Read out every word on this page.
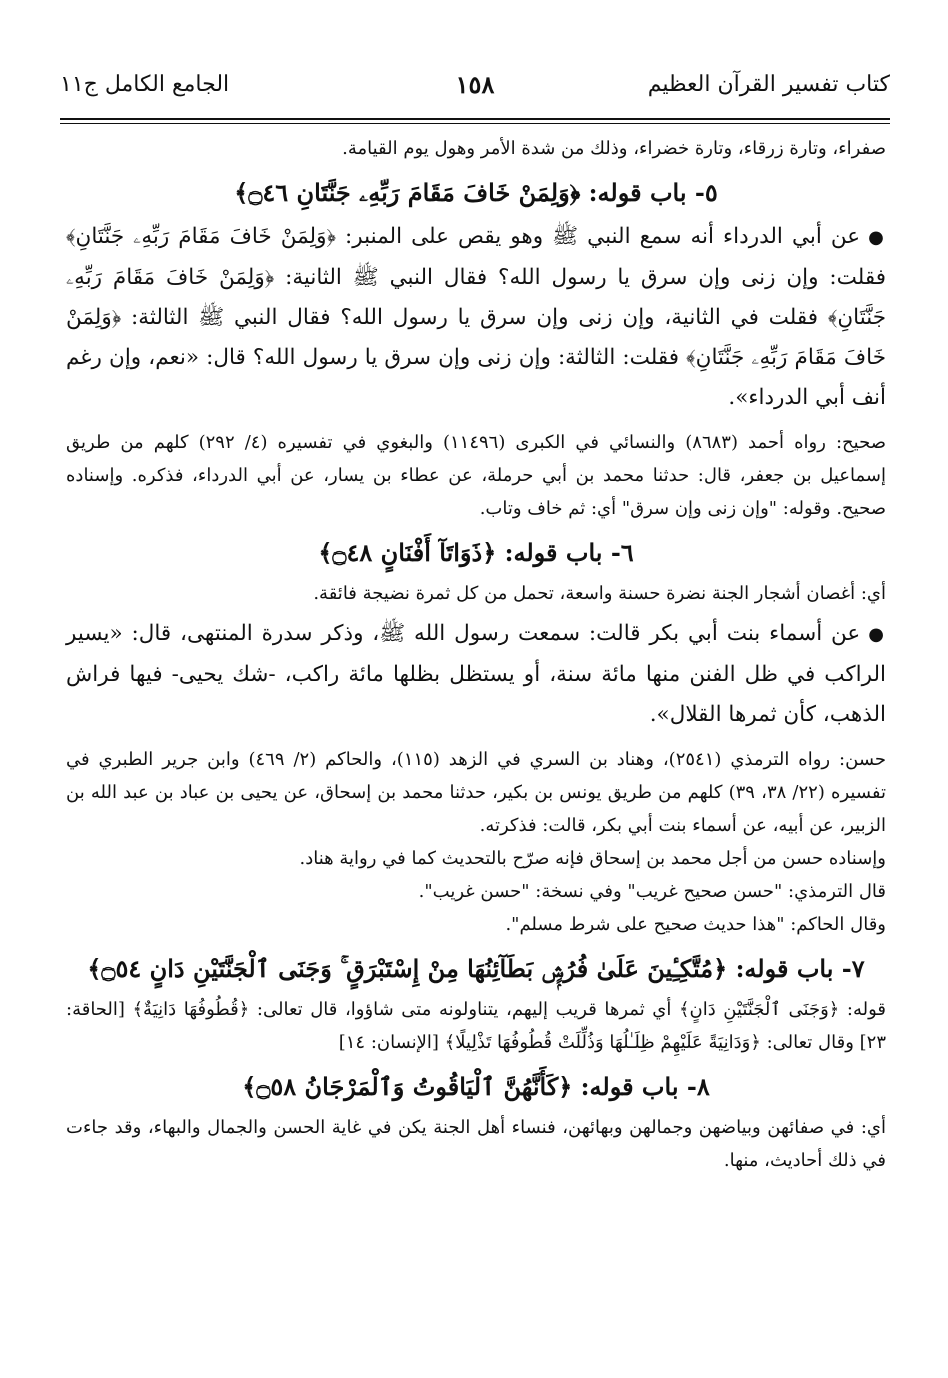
كتاب تفسير القرآن العظيم
١٥٨
الجامع الكامل ج١١

صفراء، وتارة زرقاء، وتارة خضراء، وذلك من شدة الأمر وهول يوم القيامة.

٥- باب قوله: ﴿وَلِمَنْ خَافَ مَقَامَ رَبِّهِۦ جَنَّتَانِ ۝٤٦﴾

●عن أبي الدرداء أنه سمع النبي ﷺ وهو يقص على المنبر: ﴿وَلِمَنْ خَافَ مَقَامَ رَبِّهِۦ جَنَّتَانِ﴾ فقلت: وإن زنى وإن سرق يا رسول الله؟ فقال النبي ﷺ الثانية: ﴿وَلِمَنْ خَافَ مَقَامَ رَبِّهِۦ جَنَّتَانِ﴾ فقلت في الثانية، وإن زنى وإن سرق يا رسول الله؟ فقال النبي ﷺ الثالثة: ﴿وَلِمَنْ خَافَ مَقَامَ رَبِّهِۦ جَنَّتَانِ﴾ فقلت: الثالثة: وإن زنى وإن سرق يا رسول الله؟ قال: «نعم، وإن رغم أنف أبي الدرداء».

صحيح: رواه أحمد (٨٦٨٣) والنسائي في الكبرى (١١٤٩٦) والبغوي في تفسيره (٤/ ٢٩٢) كلهم من طريق إسماعيل بن جعفر، قال: حدثنا محمد بن أبي حرملة، عن عطاء بن يسار، عن أبي الدرداء، فذكره. وإسناده صحيح. وقوله: "وإن زنى وإن سرق" أي: ثم خاف وتاب.

٦- باب قوله: ﴿ذَوَاتَآ أَفْنَانٍ ۝٤٨﴾

أي: أغصان أشجار الجنة نضرة حسنة واسعة، تحمل من كل ثمرة نضيجة فائقة.

●عن أسماء بنت أبي بكر قالت: سمعت رسول الله ﷺ، وذكر سدرة المنتهى، قال: «يسير الراكب في ظل الفنن منها مائة سنة، أو يستظل بظلها مائة راكب، -شك يحيى- فيها فراش الذهب، كأن ثمرها القلال».

حسن: رواه الترمذي (٢٥٤١)، وهناد بن السري في الزهد (١١٥)، والحاكم (٢/ ٤٦٩) وابن جرير الطبري في تفسيره (٢٢/ ٣٨، ٣٩) كلهم من طريق يونس بن بكير، حدثنا محمد بن إسحاق، عن يحيى بن عباد بن عبد الله بن الزبير، عن أبيه، عن أسماء بنت أبي بكر، قالت: فذكرته.

وإسناده حسن من أجل محمد بن إسحاق فإنه صرّح بالتحديث كما في رواية هناد.

قال الترمذي: "حسن صحيح غريب" وفي نسخة: "حسن غريب".

وقال الحاكم: "هذا حديث صحيح على شرط مسلم".

٧- باب قوله: ﴿مُتَّكِـِٔينَ عَلَىٰ فُرُشٍۭ بَطَآئِنُهَا مِنْ إِسْتَبْرَقٍ ۚ وَجَنَى ٱلْجَنَّتَيْنِ دَانٍ ۝٥٤﴾

قوله: ﴿وَجَنَى ٱلْجَنَّتَيْنِ دَانٍ﴾ أي ثمرها قريب إليهم، يتناولونه متى شاؤوا، قال تعالى: ﴿قُطُوفُهَا دَانِيَةٌ﴾ [الحاقة: ٢٣] وقال تعالى: ﴿وَدَانِيَةً عَلَيْهِمْ ظِلَـٰلُهَا وَذُلِّلَتْ قُطُوفُهَا تَذْلِيلًا﴾ [الإنسان: ١٤]

٨- باب قوله: ﴿كَأَنَّهُنَّ ٱلْيَاقُوتُ وَٱلْمَرْجَانُ ۝٥٨﴾

أي: في صفائهن وبياضهن وجمالهن وبهائهن، فنساء أهل الجنة يكن في غاية الحسن والجمال والبهاء، وقد جاءت في ذلك أحاديث، منها.
